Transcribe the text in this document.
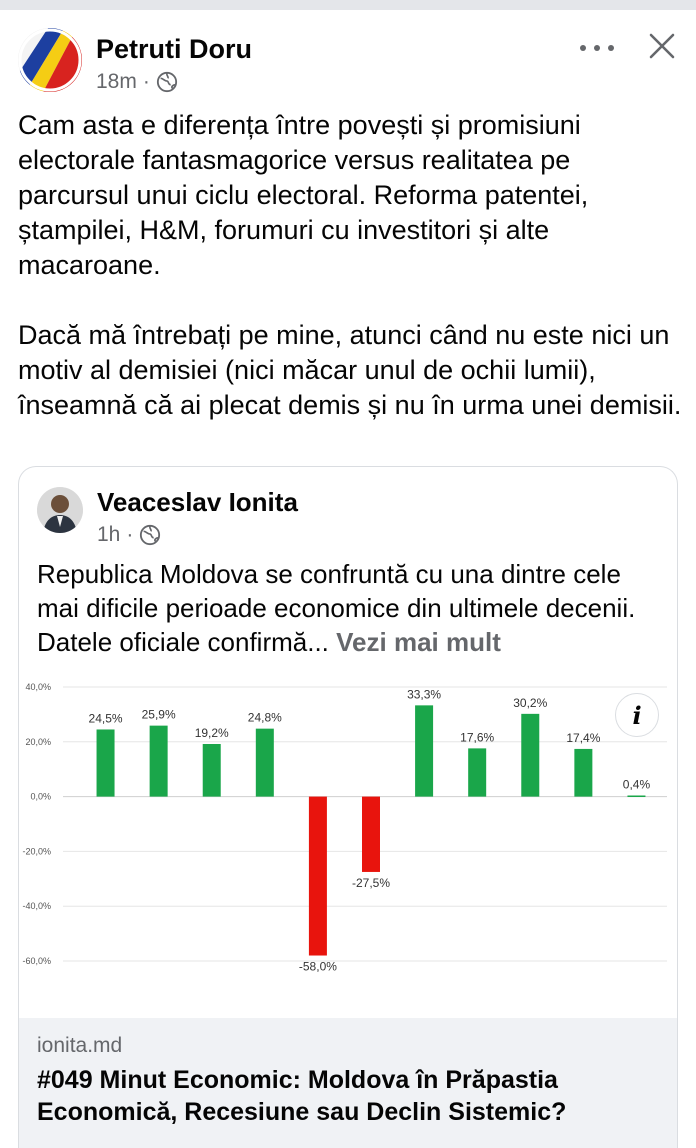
Petruti Doru
18m ·

Cam asta e diferența între povești și promisiuni electorale fantasmagorice versus realitatea pe parcursul unui ciclu electoral. Reforma patentei, ștampilei, H&M, forumuri cu investitori și alte macaroane.

Dacă mă întrebați pe mine, atunci când nu este nici un motiv al demisiei (nici măcar unul de ochii lumii), înseamnă că ai plecat demis și nu în urma unei demisii.

Veaceslav Ionita
1h ·
Republica Moldova se confruntă cu una dintre cele mai dificile perioade economice din ultimele decenii. Datele oficiale confirmă... Vezi mai mult
40,0%
20,0%
0,0%
-20,0%
-40,0%
-60,0%
24,5% 25,9%
19,2%
24,8%
-58,0%
-27,5%
33,3%
17,6%
30,2%
17,4%
0,4%
i
ionita.md
#049 Minut Economic: Moldova în Prăpastia Economică, Recesiune sau Declin Sistemic?
